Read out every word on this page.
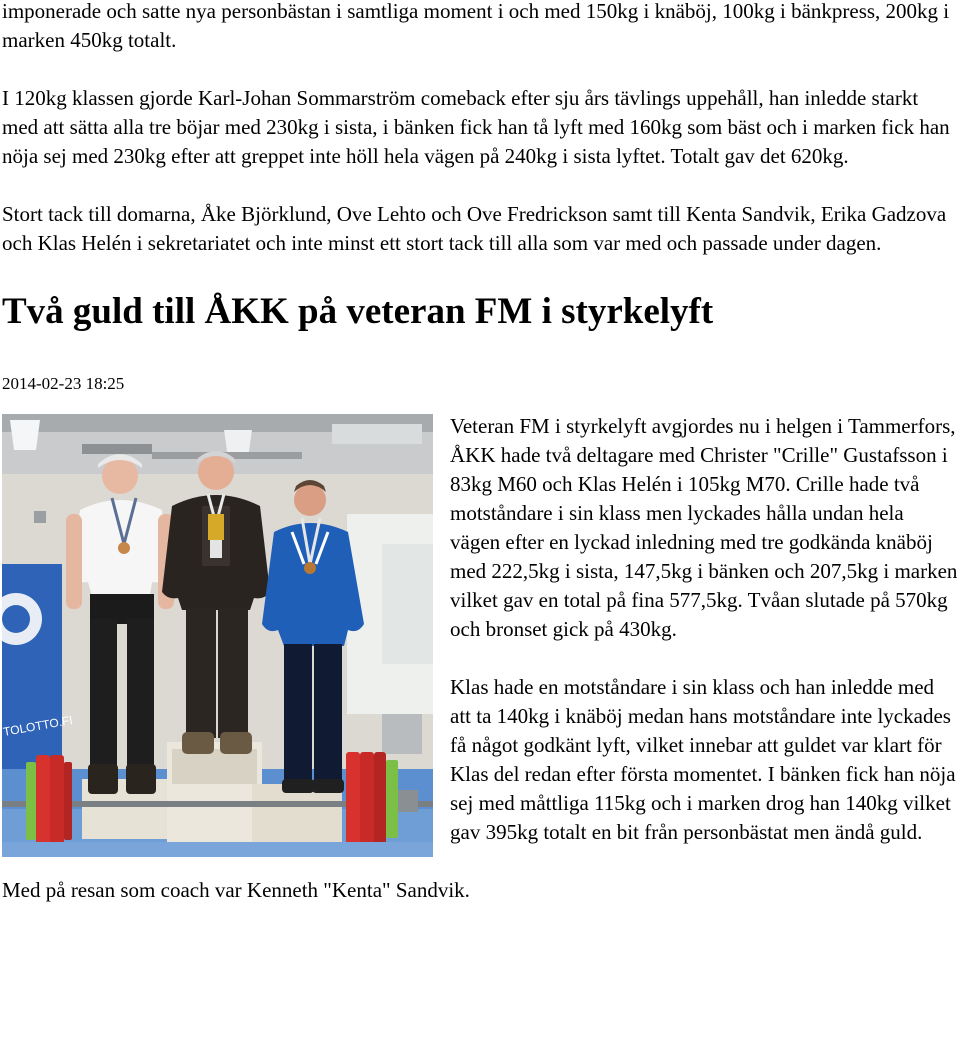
imponerade och satte nya personbästan i samtliga moment i och med 150kg i knäböj, 100kg i bänkpress, 200kg i marken 450kg totalt.

I 120kg klassen gjorde Karl-Johan Sommarström comeback efter sju års tävlings uppehåll, han inledde starkt med att sätta alla tre böjar med 230kg i sista, i bänken fick han tå lyft med 160kg som bäst och i marken fick han nöja sej med 230kg efter att greppet inte höll hela vägen på 240kg i sista lyftet. Totalt gav det 620kg.

Stort tack till domarna, Åke Björklund, Ove Lehto och Ove Fredrickson samt till Kenta Sandvik, Erika Gadzova och Klas Helén i sekretariatet och inte minst ett stort tack till alla som var med och passade under dagen.

Två guld till ÅKK på veteran FM i styrkelyft
2014-02-23 18:25
TOLOTTO.FI

Veteran FM i styrkelyft avgjordes nu i helgen i Tammerfors, ÅKK hade två deltagare med Christer "Crille" Gustafsson i 83kg M60 och Klas Helén i 105kg M70. Crille hade två motståndare i sin klass men lyckades hålla undan hela vägen efter en lyckad inledning med tre godkända knäböj med 222,5kg i sista, 147,5kg i bänken och 207,5kg i marken vilket gav en total på fina 577,5kg. Tvåan slutade på 570kg och bronset gick på 430kg.

Klas hade en motståndare i sin klass och han inledde med att ta 140kg i knäböj medan hans motståndare inte lyckades få något godkänt lyft, vilket innebar att guldet var klart för Klas del redan efter första momentet. I bänken fick han nöja sej med måttliga 115kg och i marken drog han 140kg vilket gav 395kg totalt en bit från personbästat men ändå guld.

Med på resan som coach var Kenneth "Kenta" Sandvik.
